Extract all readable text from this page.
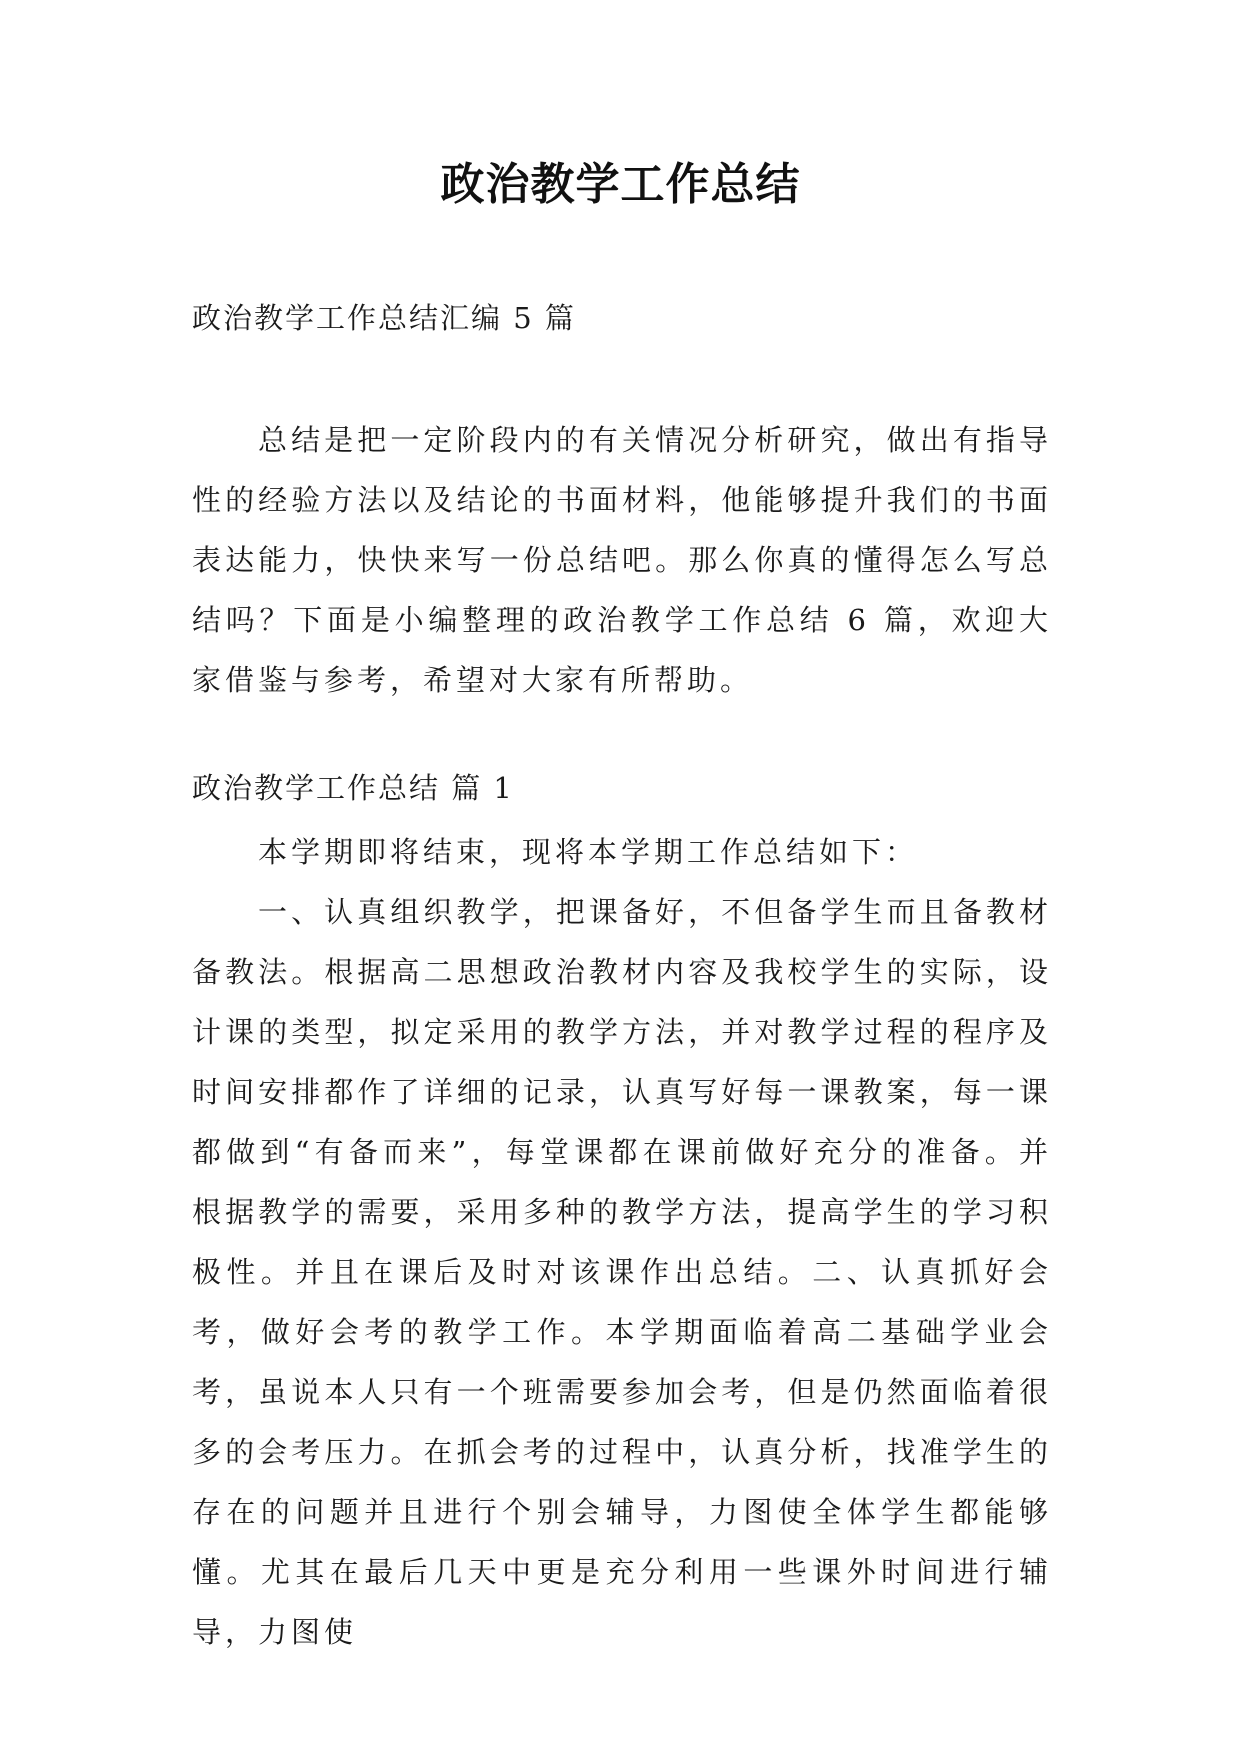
政治教学工作总结
政治教学工作总结汇编 5 篇

总结是把一定阶段内的有关情况分析研究，做出有指导性的经验方法以及结论的书面材料，他能够提升我们的书面表达能力，快快来写一份总结吧。那么你真的懂得怎么写总结吗？下面是小编整理的政治教学工作总结 6 篇，欢迎大家借鉴与参考，希望对大家有所帮助。

政治教学工作总结 篇 1

本学期即将结束，现将本学期工作总结如下：

一、认真组织教学，把课备好，不但备学生而且备教材备教法。根据高二思想政治教材内容及我校学生的实际，设计课的类型，拟定采用的教学方法，并对教学过程的程序及时间安排都作了详细的记录，认真写好每一课教案，每一课都做到“有备而来”，每堂课都在课前做好充分的准备。并根据教学的需要，采用多种的教学方法，提高学生的学习积极性。并且在课后及时对该课作出总结。二、认真抓好会考，做好会考的教学工作。本学期面临着高二基础学业会考，虽说本人只有一个班需要参加会考，但是仍然面临着很多的会考压力。在抓会考的过程中，认真分析，找准学生的存在的问题并且进行个别会辅导，力图使全体学生都能够懂。尤其在最后几天中更是充分利用一些课外时间进行辅导，力图使
